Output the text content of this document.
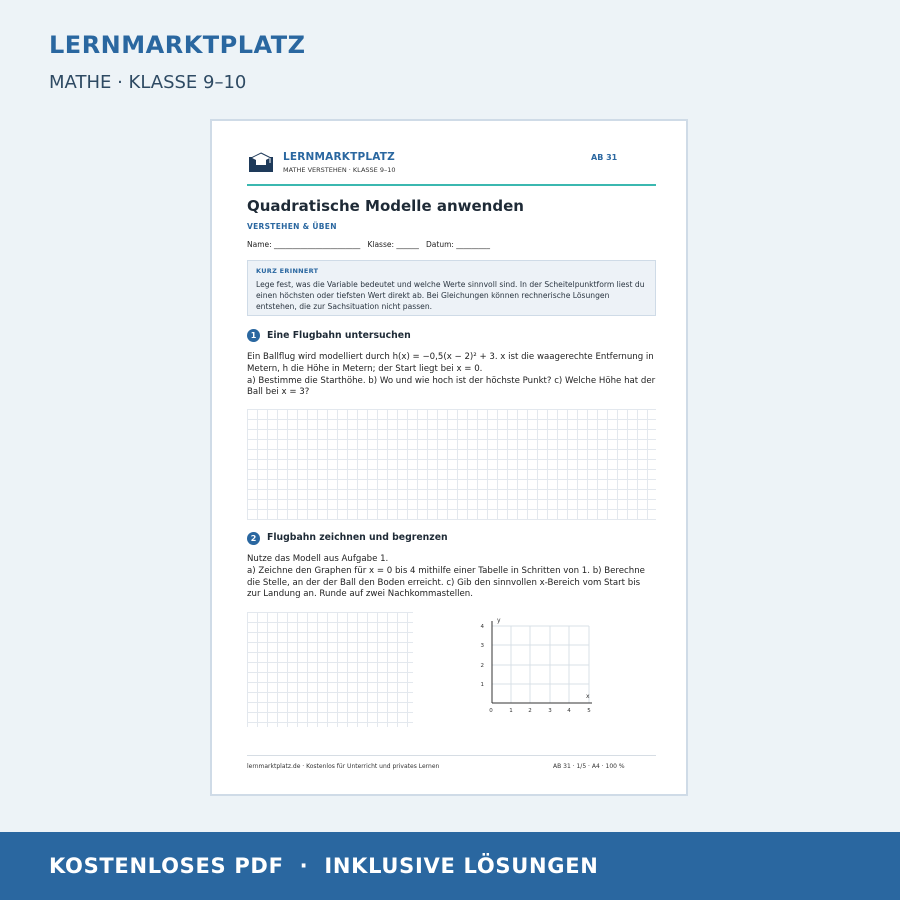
LERNMARKTPLATZ
MATHE · KLASSE 9–10
LERNMARKTPLATZ
MATHE VERSTEHEN · KLASSE 9–10
AB 31
Quadratische Modelle anwenden
VERSTEHEN & ÜBEN
Name: _______________________   Klasse: ______   Datum: _________
KURZ ERINNERT
Lege fest, was die Variable bedeutet und welche Werte sinnvoll sind. In der Scheitelpunktform liest du einen höchsten oder tiefsten Wert direkt ab. Bei Gleichungen können rechnerische Lösungen entstehen, die zur Sachsituation nicht passen.
1	Eine Flugbahn untersuchen
Ein Ballflug wird modelliert durch h(x) = −0,5(x − 2)² + 3. x ist die waagerechte Entfernung in Metern, h die Höhe in Metern; der Start liegt bei x = 0.
a) Bestimme die Starthöhe. b) Wo und wie hoch ist der höchste Punkt? c) Welche Höhe hat der Ball bei x = 3?
2	Flugbahn zeichnen und begrenzen
Nutze das Modell aus Aufgabe 1.
a) Zeichne den Graphen für x = 0 bis 4 mithilfe einer Tabelle in Schritten von 1. b) Berechne die Stelle, an der der Ball den Boden erreicht. c) Gib den sinnvollen x-Bereich vom Start bis zur Landung an. Runde auf zwei Nachkommastellen.
y
x
0	1	2	3	4	5
1
2
3
4
lernmarktplatz.de · Kostenlos für Unterricht und privates Lernen	AB 31 · 1/5 · A4 · 100 %
KOSTENLOSES PDF  ·  INKLUSIVE LÖSUNGEN
